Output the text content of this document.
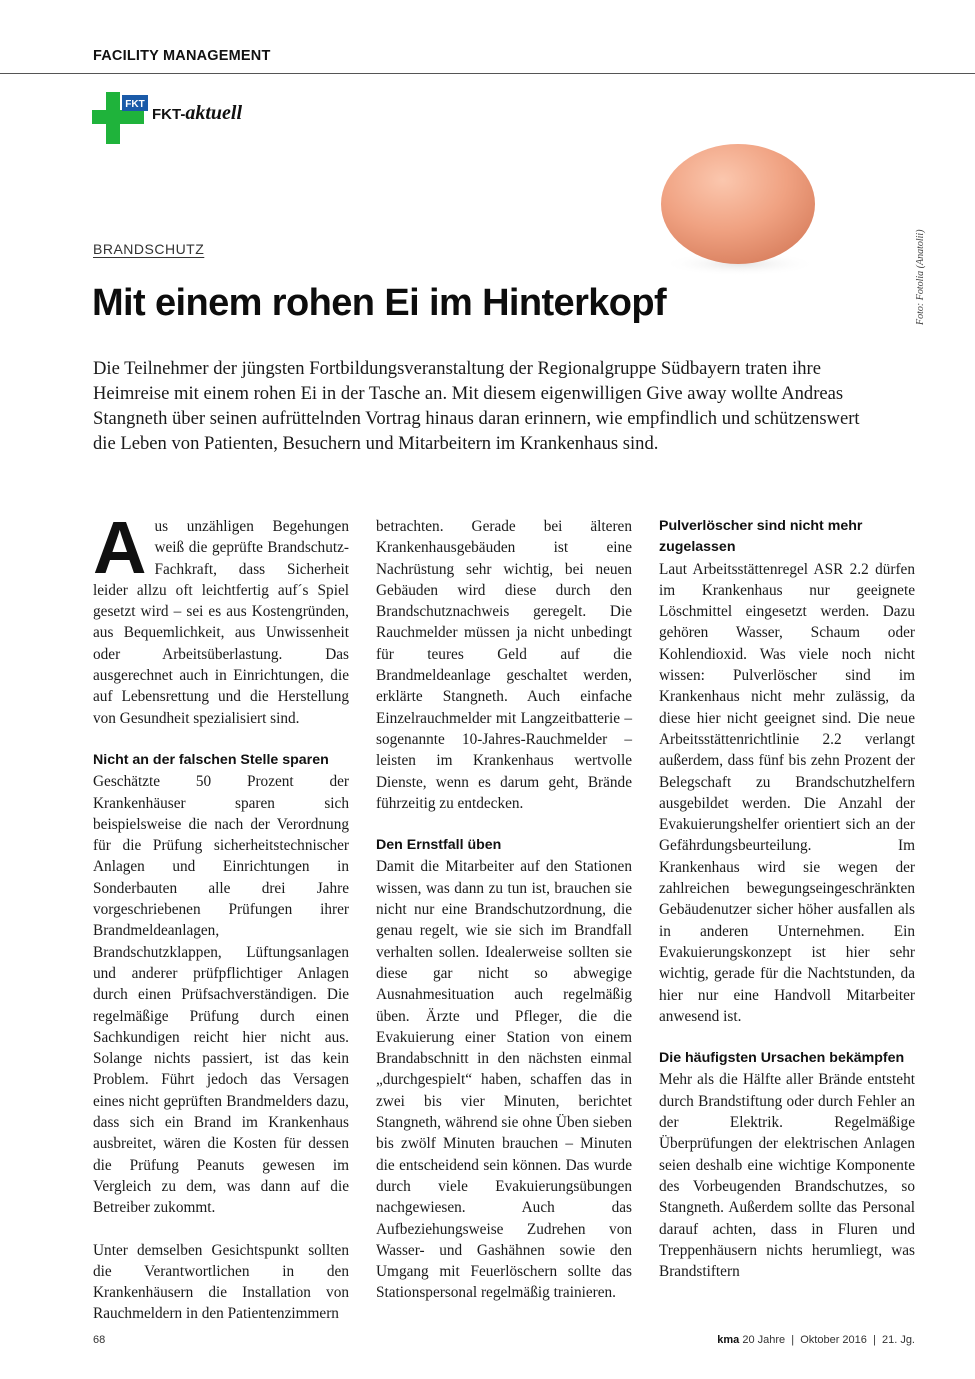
FACILITY MANAGEMENT
FKT
FKT-aktuell
Foto: Fotolia (Anatolii)
BRANDSCHUTZ
Mit einem rohen Ei im Hinterkopf

Die Teilnehmer der jüngsten Fortbildungsveranstaltung der Regionalgruppe Südbayern traten ihre Heimreise mit einem rohen Ei in der Tasche an. Mit diesem eigenwilligen Give away wollte Andreas Stangneth über seinen aufrüttelnden Vortrag hinaus daran erinnern, wie empfindlich und schützenswert die Leben von Patienten, Besuchern und Mitarbeitern im Krankenhaus sind.

Aus unzähligen Begehungen weiß die geprüfte Brandschutz-Fachkraft, dass Sicherheit leider allzu oft leichtfertig auf´s Spiel gesetzt wird – sei es aus Kostengründen, aus Bequemlichkeit, aus Unwissenheit oder Arbeitsüberlastung. Das ausgerechnet auch in Einrichtungen, die auf Lebensrettung und die Herstellung von Gesundheit spezialisiert sind.

Nicht an der falschen Stelle sparen

Geschätzte 50 Prozent der Krankenhäuser sparen sich beispielsweise die nach der Verordnung für die Prüfung sicherheitstechnischer Anlagen und Einrichtungen in Sonderbauten alle drei Jahre vorgeschriebenen Prüfungen ihrer Brandmeldeanlagen, Brandschutzklappen, Lüftungsanlagen und anderer prüfpflichtiger Anlagen durch einen Prüfsachverständigen. Die regelmäßige Prüfung durch einen Sachkundigen reicht hier nicht aus. Solange nichts passiert, ist das kein Problem. Führt jedoch das Versagen eines nicht geprüften Brandmelders dazu, dass sich ein Brand im Krankenhaus ausbreitet, wären die Kosten für dessen die Prüfung Peanuts gewesen im Vergleich zu dem, was dann auf die Betreiber zukommt.

Unter demselben Gesichtspunkt sollten die Verantwortlichen in den Krankenhäusern die Installation von Rauchmeldern in den Patientenzimmern

betrachten. Gerade bei älteren Krankenhausgebäuden ist eine Nachrüstung sehr wichtig, bei neuen Gebäuden wird diese durch den Brandschutznachweis geregelt. Die Rauchmelder müssen ja nicht unbedingt für teures Geld auf die Brandmeldeanlage geschaltet werden, erklärte Stangneth. Auch einfache Einzelrauchmelder mit Langzeitbatterie – sogenannte 10-Jahres-Rauchmelder – leisten im Krankenhaus wertvolle Dienste, wenn es darum geht, Brände führzeitig zu entdecken.

Den Ernstfall üben

Damit die Mitarbeiter auf den Stationen wissen, was dann zu tun ist, brauchen sie nicht nur eine Brandschutzordnung, die genau regelt, wie sie sich im Brandfall verhalten sollen. Idealerweise sollten sie diese gar nicht so abwegige Ausnahmesituation auch regelmäßig üben. Ärzte und Pfleger, die die Evakuierung einer Station von einem Brandabschnitt in den nächsten einmal „durchgespielt“ haben, schaffen das in zwei bis vier Minuten, berichtet Stangneth, während sie ohne Üben sieben bis zwölf Minuten brauchen – Minuten die entscheidend sein können. Das wurde durch viele Evakuierungsübungen nachgewiesen. Auch das Aufbeziehungsweise Zudrehen von Wasser- und Gashähnen sowie den Umgang mit Feuerlöschern sollte das Stationspersonal regelmäßig trainieren.

Pulverlöscher sind nicht mehr zugelassen

Laut Arbeitsstättenregel ASR 2.2 dürfen im Krankenhaus nur geeignete Löschmittel eingesetzt werden. Dazu gehören Wasser, Schaum oder Kohlendioxid. Was viele noch nicht wissen: Pulverlöscher sind im Krankenhaus nicht mehr zulässig, da diese hier nicht geeignet sind. Die neue Arbeitsstättenrichtlinie 2.2 verlangt außerdem, dass fünf bis zehn Prozent der Belegschaft zu Brandschutzhelfern ausgebildet werden. Die Anzahl der Evakuierungshelfer orientiert sich an der Gefährdungsbeurteilung. Im Krankenhaus wird sie wegen der zahlreichen bewegungseingeschränkten Gebäudenutzer sicher höher ausfallen als in anderen Unternehmen. Ein Evakuierungskonzept ist hier sehr wichtig, gerade für die Nachtstunden, da hier nur eine Handvoll Mitarbeiter anwesend ist.

Die häufigsten Ursachen bekämpfen

Mehr als die Hälfte aller Brände entsteht durch Brandstiftung oder durch Fehler an der Elektrik. Regelmäßige Überprüfungen der elektrischen Anlagen seien deshalb eine wichtige Komponente des Vorbeugenden Brandschutzes, so Stangneth. Außerdem sollte das Personal darauf achten, dass in Fluren und Treppenhäusern nichts herumliegt, was Brandstiftern

68	kma 20 Jahre  |  Oktober 2016  |  21. Jg.
